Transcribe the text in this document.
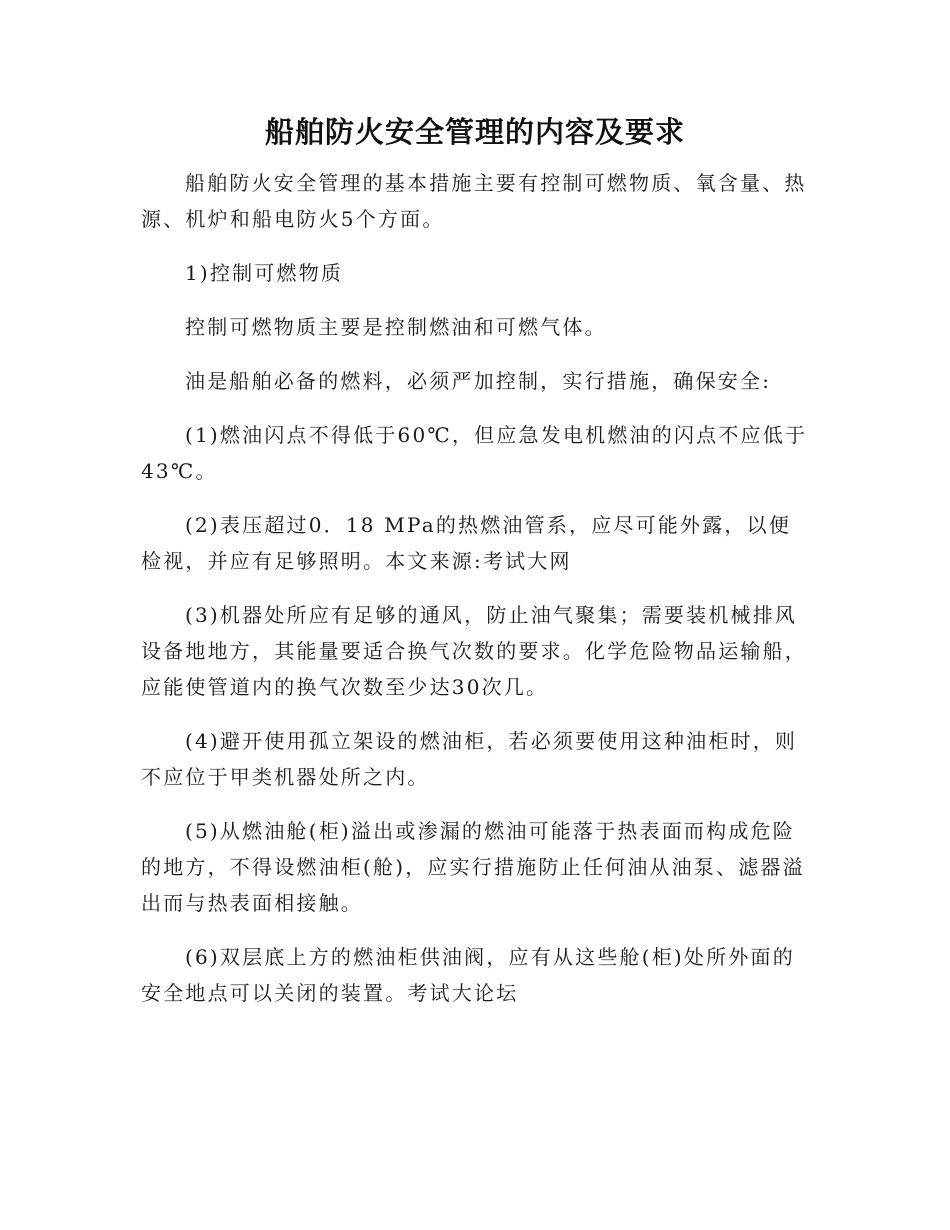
船舶防火安全管理的内容及要求

船舶防火安全管理的基本措施主要有控制可燃物质、氧含量、热源、机炉和船电防火5个方面。

1)控制可燃物质

控制可燃物质主要是控制燃油和可燃气体。

油是船舶必备的燃料，必须严加控制，实行措施，确保安全:

(1)燃油闪点不得低于60℃，但应急发电机燃油的闪点不应低于43℃。

(2)表压超过0．18 MPa的热燃油管系，应尽可能外露，以便检视，并应有足够照明。本文来源:考试大网

(3)机器处所应有足够的通风，防止油气聚集；需要装机械排风设备地地方，其能量要适合换气次数的要求。化学危险物品运输船，应能使管道内的换气次数至少达30次几。

(4)避开使用孤立架设的燃油柜，若必须要使用这种油柜时，则不应位于甲类机器处所之内。

(5)从燃油舱(柜)溢出或渗漏的燃油可能落于热表面而构成危险的地方，不得设燃油柜(舱)，应实行措施防止任何油从油泵、滤器溢出而与热表面相接触。

(6)双层底上方的燃油柜供油阀，应有从这些舱(柜)处所外面的安全地点可以关闭的装置。考试大论坛
